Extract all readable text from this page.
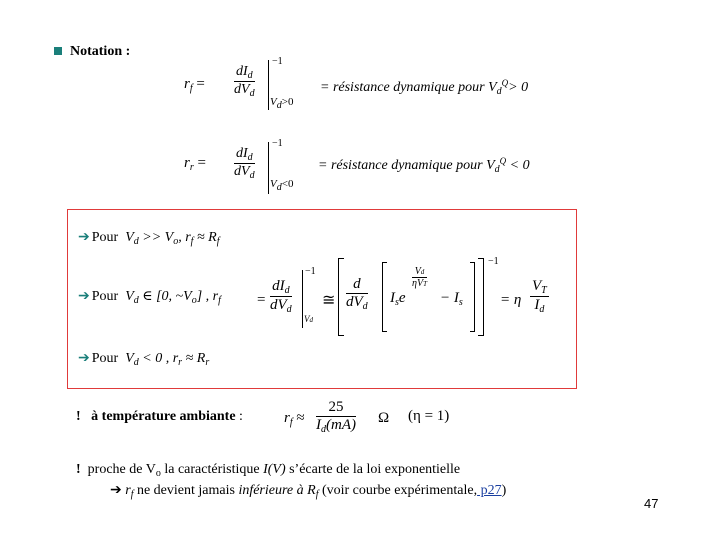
Notation :
$r_f$ =
$dI_d$
$dV_d$
−1
Vd>0
= résistance dynamique pour $V_d^Q> 0$
$r_r$ =
$dI_d$
$dV_d$
−1
Vd<0
= résistance dynamique pour $V_d^Q < 0$
➔ Pour $V_d >> V_o$, $r_f \approx R_f$
➔ Pour $V_d$ ∈ [0, $\sim V_o$] , $r_f$ =
$dI_d$
$dV_d$
−1
Vd
≅
d
$dV_d$
$I_se$
Vd
ηVT
− $I_s$
−1
= η $\frac{V_T}{I_d}$
➔ Pour $V_d < 0$ , $r_r \approx R_r$
! à température ambiante :	$r_f \approx \frac{25}{I_d(mA)}$ Ω (η = 1)
! proche de $V_o$ la caractéristique I(V) s’écarte de la loi exponentielle
➔ $r_f$ ne devient jamais inférieure à $R_f$ (voir courbe expérimentale, p27)
47
